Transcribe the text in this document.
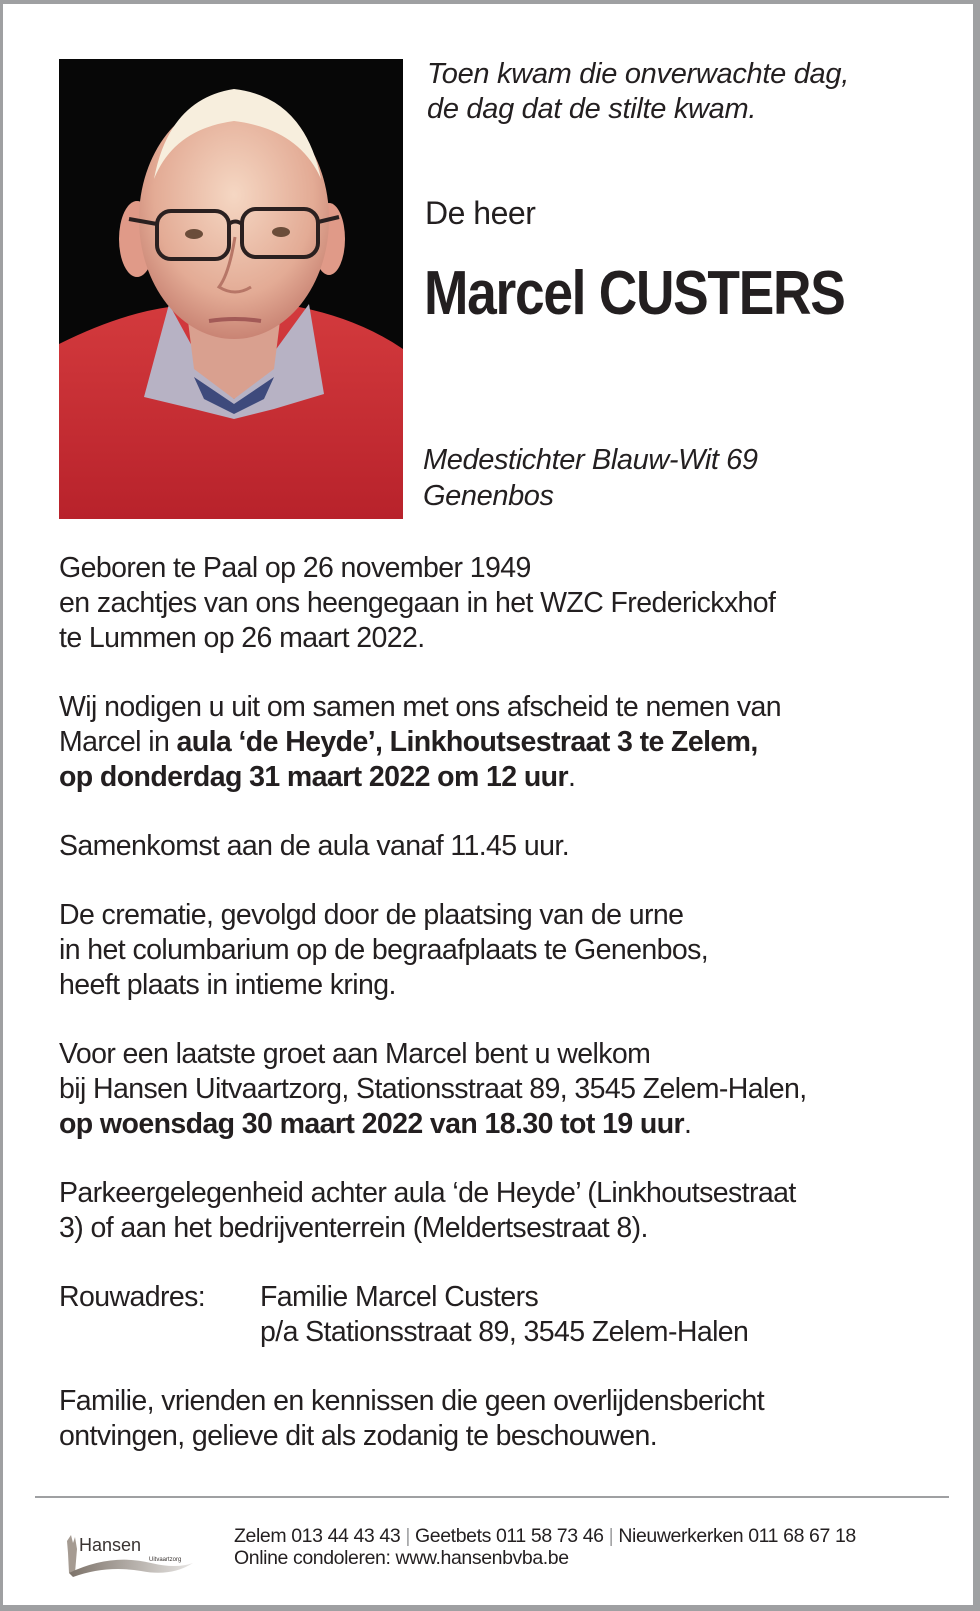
Toen kwam die onverwachte dag,
de dag dat de stilte kwam.
De heer
Marcel CUSTERS
Medestichter Blauw-Wit 69
Genenbos

Geboren te Paal op 26 november 1949
en zachtjes van ons heengegaan in het WZC Frederickxhof
te Lummen op 26 maart 2022.

Wij nodigen u uit om samen met ons afscheid te nemen van
Marcel in aula ‘de Heyde’, Linkhoutsestraat 3 te Zelem,
op donderdag 31 maart 2022 om 12 uur.

Samenkomst aan de aula vanaf 11.45 uur.

De crematie, gevolgd door de plaatsing van de urne
in het columbarium op de begraafplaats te Genenbos,
heeft plaats in intieme kring.

Voor een laatste groet aan Marcel bent u welkom
bij Hansen Uitvaartzorg, Stationsstraat 89, 3545 Zelem-Halen,
op woensdag 30 maart 2022 van 18.30 tot 19 uur.

Parkeergelegenheid achter aula ‘de Heyde’ (Linkhoutsestraat
3) of aan het bedrijventerrein (Meldertsestraat 8).

Rouwadres:	Familie Marcel Custers
p/a Stationsstraat 89, 3545 Zelem-Halen

Familie, vrienden en kennissen die geen overlijdensbericht
ontvingen, gelieve dit als zodanig te beschouwen.

Hansen
Uitvaartzorg
Zelem 013 44 43 43 | Geetbets 011 58 73 46 | Nieuwerkerken 011 68 67 18
Online condoleren: www.hansenbvba.be
